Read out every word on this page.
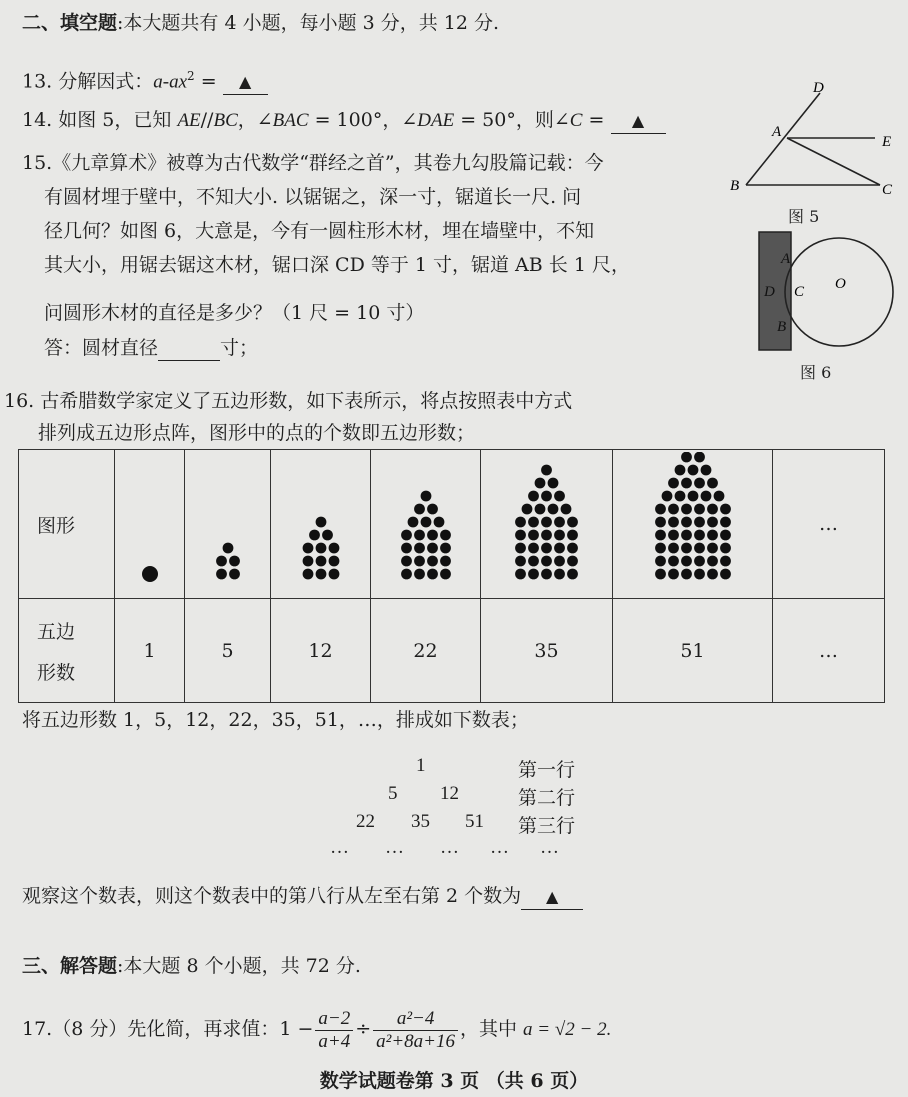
二、填空题:本大题共有 4 小题，每小题 3 分，共 12 分.
13. 分解因式：$a-ax^2$ = ▲
14. 如图 5，已知 AE//BC，∠BAC = 100°，∠DAE = 50°，则∠C = ▲
15.《九章算术》被尊为古代数学“群经之首”，其卷九勾股篇记载：今
有圆材埋于壁中，不知大小. 以锯锯之，深一寸，锯道长一尺. 问
径几何？如图 6，大意是，今有一圆柱形木材，埋在墙壁中，不知
其大小，用锯去锯这木材，锯口深 CD 等于 1 寸，锯道 AB 长 1 尺，
问圆形木材的直径是多少？（1 尺 = 10 寸）
答：圆材直径	寸；
D
A
E
B	C
图 5
A
D C O
B
图 6
16. 古希腊数学家定义了五边形数，如下表所示，将点按照表中方式
排列成五边形点阵，图形中的点的个数即五边形数；
图形							…

五边
形数	1	5	12	22	35	51	…
将五边形数 1，5，12，22，35，51，…，排成如下数表；
1	第一行
5 12	第二行
22 35 51 第三行
… … … … …
观察这个数表，则这个数表中的第八行从左至右第 2 个数为 ▲
三、解答题:本大题 8 个小题，共 72 分.
17.（8 分）先化简，再求值：$1 - \frac{a-2}{a+4} \div \frac{\text{a²−4}}{\text{a²+8a+16}}$ ，其中 a = √2 − 2.
数学试题卷第 3 页 （共 6 页）
